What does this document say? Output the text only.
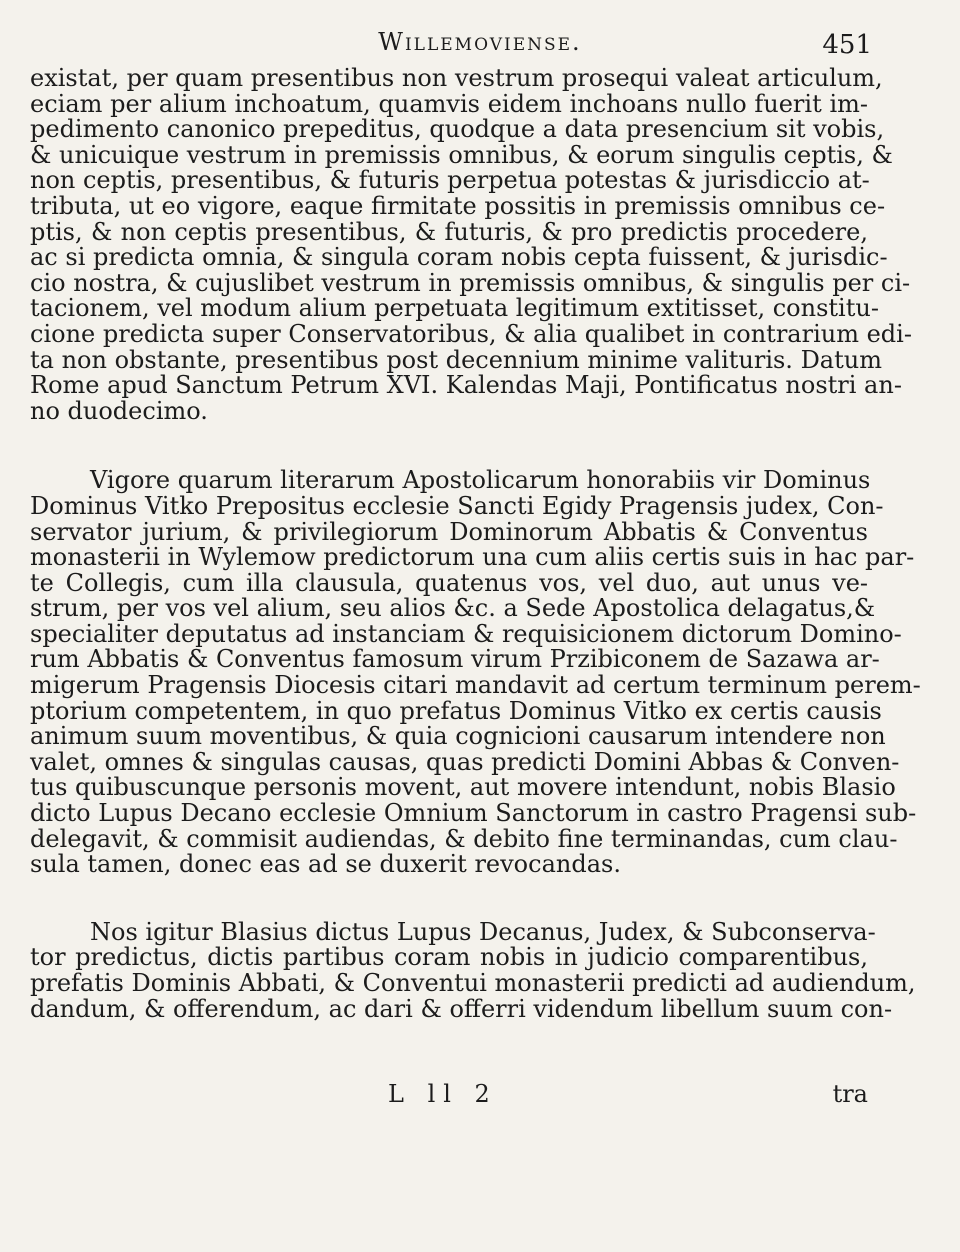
Willemoviense.	451
existat, per quam presentibus non vestrum prosequi valeat articulum,
eciam per alium inchoatum, quamvis eidem inchoans nullo fuerit im-
pedimento canonico prepeditus, quodque a data presencium sit vobis,
& unicuique vestrum in premissis omnibus, & eorum singulis ceptis, &
non ceptis, presentibus, & futuris perpetua potestas & jurisdiccio at-
tributa, ut eo vigore, eaque firmitate possitis in premissis omnibus ce-
ptis, & non ceptis presentibus, & futuris, & pro predictis procedere,
ac si predicta omnia, & singula coram nobis cepta fuissent, & jurisdic-
cio nostra, & cujuslibet vestrum in premissis omnibus, & singulis per ci-
tacionem, vel modum alium perpetuata legitimum extitisset, constitu-
cione predicta super Conservatoribus, & alia qualibet in contrarium edi-
ta non obstante, presentibus post decennium minime valituris. Datum
Rome apud Sanctum Petrum XVI. Kalendas Maji, Pontificatus nostri an-
no duodecimo.
Vigore quarum literarum Apostolicarum honorabiis vir Dominus
Dominus Vitko Prepositus ecclesie Sancti Egidy Pragensis judex, Con-
servator jurium, & privilegiorum Dominorum Abbatis & Conventus
monasterii in Wylemow predictorum una cum aliis certis suis in hac par-
te Collegis, cum illa clausula, quatenus vos, vel duo, aut unus ve-
strum, per vos vel alium, seu alios &c. a Sede Apostolica delagatus,&
specialiter deputatus ad instanciam & requisicionem dictorum Domino-
rum Abbatis & Conventus famosum virum Przibiconem de Sazawa ar-
migerum Pragensis Diocesis citari mandavit ad certum terminum perem-
ptorium competentem, in quo prefatus Dominus Vitko ex certis causis
animum suum moventibus, & quia cognicioni causarum intendere non
valet, omnes & singulas causas, quas predicti Domini Abbas & Conven-
tus quibuscunque personis movent, aut movere intendunt, nobis Blasio
dicto Lupus Decano ecclesie Omnium Sanctorum in castro Pragensi sub-
delegavit, & commisit audiendas, & debito fine terminandas, cum clau-
sula tamen, donec eas ad se duxerit revocandas.
Nos igitur Blasius dictus Lupus Decanus, Judex, & Subconserva-
tor predictus, dictis partibus coram nobis in judicio comparentibus,
prefatis Dominis Abbati, & Conventui monasterii predicti ad audiendum,
dandum, & offerendum, ac dari & offerri videndum libellum suum con-
L ll 2	tra
